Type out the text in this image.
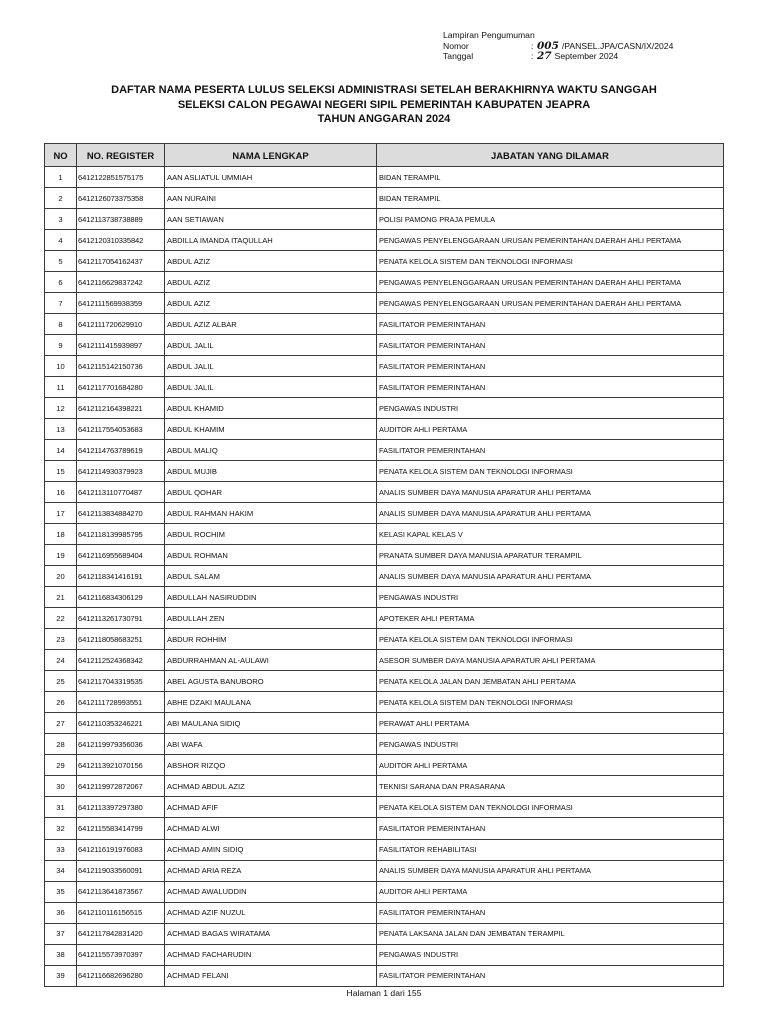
Lampiran Pengumuman
Nomor	: 005 /PANSEL.JPA/CASN/IX/2024
Tanggal	: 27 September 2024
DAFTAR NAMA PESERTA LULUS SELEKSI ADMINISTRASI SETELAH BERAKHIRNYA WAKTU SANGGAH
SELEKSI CALON PEGAWAI NEGERI SIPIL PEMERINTAH KABUPATEN JEAPRA
TAHUN ANGGARAN 2024
NO	NO. REGISTER	NAMA LENGKAP	JABATAN YANG DILAMAR
1	6412122851575175	AAN ASLIATUL UMMIAH	BIDAN TERAMPIL
2	6412126073375358	AAN NURAINI	BIDAN TERAMPIL
3	6412113738738889	AAN SETIAWAN	POLISI PAMONG PRAJA PEMULA
4	6412120310335842	ABDILLA IMANDA ITAQULLAH	PENGAWAS PENYELENGGARAAN URUSAN PEMERINTAHAN DAERAH AHLI PERTAMA
5	6412117054162437	ABDUL AZIZ	PENATA KELOLA SISTEM DAN TEKNOLOGI INFORMASI
6	6412116629837242	ABDUL AZIZ	PENGAWAS PENYELENGGARAAN URUSAN PEMERINTAHAN DAERAH AHLI PERTAMA
7	6412111569938359	ABDUL AZIZ	PENGAWAS PENYELENGGARAAN URUSAN PEMERINTAHAN DAERAH AHLI PERTAMA
8	6412111720629910	ABDUL AZIZ ALBAR	FASILITATOR PEMERINTAHAN
9	6412111415939897	ABDUL JALIL	FASILITATOR PEMERINTAHAN
10	6412115142150736	ABDUL JALIL	FASILITATOR PEMERINTAHAN
11	6412117701684280	ABDUL JALIL	FASILITATOR PEMERINTAHAN
12	6412112164398221	ABDUL KHAMID	PENGAWAS INDUSTRI
13	6412117554053683	ABDUL KHAMIM	AUDITOR AHLI PERTAMA
14	6412114763789619	ABDUL MALIQ	FASILITATOR PEMERINTAHAN
15	6412114930379923	ABDUL MUJIB	PENATA KELOLA SISTEM DAN TEKNOLOGI INFORMASI
16	6412113110770487	ABDUL QOHAR	ANALIS SUMBER DAYA MANUSIA APARATUR AHLI PERTAMA
17	6412113834884270	ABDUL RAHMAN HAKIM	ANALIS SUMBER DAYA MANUSIA APARATUR AHLI PERTAMA
18	6412118139985795	ABDUL ROCHIM	KELASI KAPAL KELAS V
19	6412116955689404	ABDUL ROHMAN	PRANATA SUMBER DAYA MANUSIA APARATUR TERAMPIL
20	6412118341416191	ABDUL SALAM	ANALIS SUMBER DAYA MANUSIA APARATUR AHLI PERTAMA
21	6412116834306129	ABDULLAH NASIRUDDIN	PENGAWAS INDUSTRI
22	6412113261730791	ABDULLAH ZEN	APOTEKER AHLI PERTAMA
23	6412118058683251	ABDUR ROHHIM	PENATA KELOLA SISTEM DAN TEKNOLOGI INFORMASI
24	6412112524368342	ABDURRAHMAN AL-AULAWI	ASESOR SUMBER DAYA MANUSIA APARATUR AHLI PERTAMA
25	6412117043319535	ABEL AGUSTA BANUBORO	PENATA KELOLA JALAN DAN JEMBATAN AHLI PERTAMA
26	6412111728993551	ABHE DZAKI MAULANA	PENATA KELOLA SISTEM DAN TEKNOLOGI INFORMASI
27	6412110353246221	ABI MAULANA SIDIQ	PERAWAT AHLI PERTAMA
28	6412119979356036	ABI WAFA	PENGAWAS INDUSTRI
29	6412113921070156	ABSHOR RIZQO	AUDITOR AHLI PERTAMA
30	6412119972872067	ACHMAD ABDUL AZIZ	TEKNISI SARANA DAN PRASARANA
31	6412113397297380	ACHMAD AFIF	PENATA KELOLA SISTEM DAN TEKNOLOGI INFORMASI
32	6412115583414799	ACHMAD ALWI	FASILITATOR PEMERINTAHAN
33	6412116191976083	ACHMAD AMIN SIDIQ	FASILITATOR REHABILITASI
34	6412119033560091	ACHMAD ARIA REZA	ANALIS SUMBER DAYA MANUSIA APARATUR AHLI PERTAMA
35	6412113641873567	ACHMAD AWALUDDIN	AUDITOR AHLI PERTAMA
36	6412110116156515	ACHMAD AZIF NUZUL	FASILITATOR PEMERINTAHAN
37	6412117842831420	ACHMAD BAGAS WIRATAMA	PENATA LAKSANA JALAN DAN JEMBATAN TERAMPIL
38	6412115573970397	ACHMAD FACHARUDIN	PENGAWAS INDUSTRI
39	6412116682696280	ACHMAD FELANI	FASILITATOR PEMERINTAHAN
Halaman 1 dari 155
